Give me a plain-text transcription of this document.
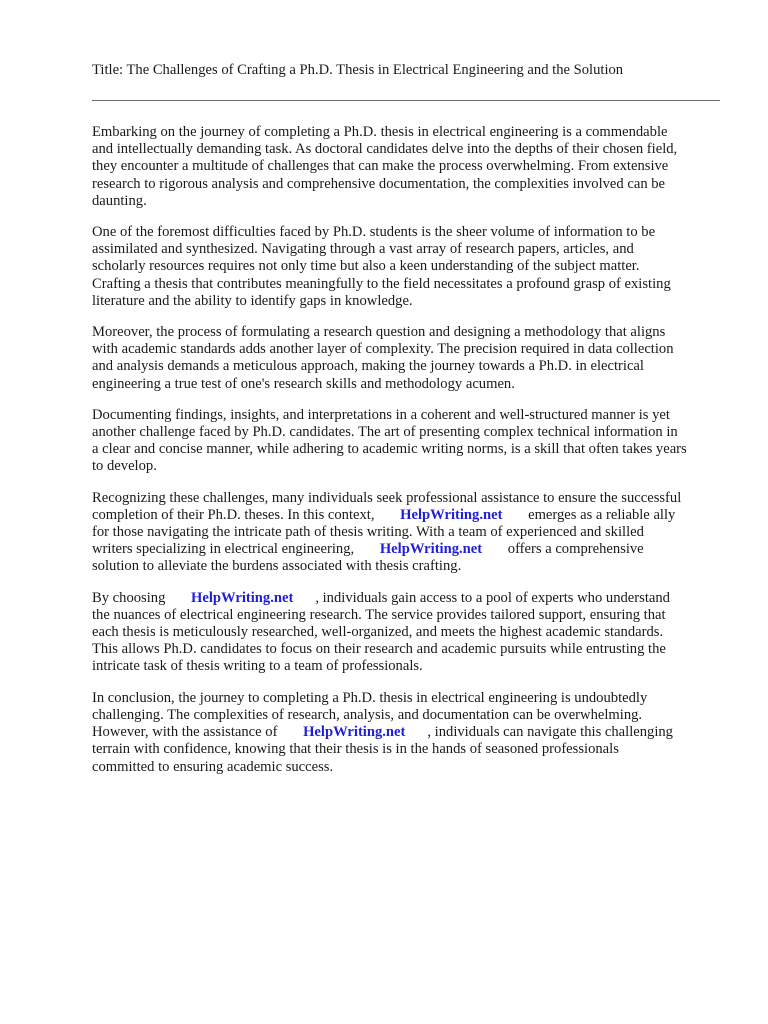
Title: The Challenges of Crafting a Ph.D. Thesis in Electrical Engineering and the Solution

Embarking on the journey of completing a Ph.D. thesis in electrical engineering is a commendable
and intellectually demanding task. As doctoral candidates delve into the depths of their chosen field,
they encounter a multitude of challenges that can make the process overwhelming. From extensive
research to rigorous analysis and comprehensive documentation, the complexities involved can be
daunting.

One of the foremost difficulties faced by Ph.D. students is the sheer volume of information to be
assimilated and synthesized. Navigating through a vast array of research papers, articles, and
scholarly resources requires not only time but also a keen understanding of the subject matter.
Crafting a thesis that contributes meaningfully to the field necessitates a profound grasp of existing
literature and the ability to identify gaps in knowledge.

Moreover, the process of formulating a research question and designing a methodology that aligns
with academic standards adds another layer of complexity. The precision required in data collection
and analysis demands a meticulous approach, making the journey towards a Ph.D. in electrical
engineering a true test of one's research skills and methodology acumen.

Documenting findings, insights, and interpretations in a coherent and well-structured manner is yet
another challenge faced by Ph.D. candidates. The art of presenting complex technical information in
a clear and concise manner, while adhering to academic writing norms, is a skill that often takes years
to develop.

Recognizing these challenges, many individuals seek professional assistance to ensure the successful
completion of their Ph.D. theses. In this context, HelpWriting.net emerges as a reliable ally
for those navigating the intricate path of thesis writing. With a team of experienced and skilled
writers specializing in electrical engineering, HelpWriting.net offers a comprehensive
solution to alleviate the burdens associated with thesis crafting.

By choosing HelpWriting.net , individuals gain access to a pool of experts who understand
the nuances of electrical engineering research. The service provides tailored support, ensuring that
each thesis is meticulously researched, well-organized, and meets the highest academic standards.
This allows Ph.D. candidates to focus on their research and academic pursuits while entrusting the
intricate task of thesis writing to a team of professionals.

In conclusion, the journey to completing a Ph.D. thesis in electrical engineering is undoubtedly
challenging. The complexities of research, analysis, and documentation can be overwhelming.
However, with the assistance of HelpWriting.net , individuals can navigate this challenging
terrain with confidence, knowing that their thesis is in the hands of seasoned professionals
committed to ensuring academic success.
